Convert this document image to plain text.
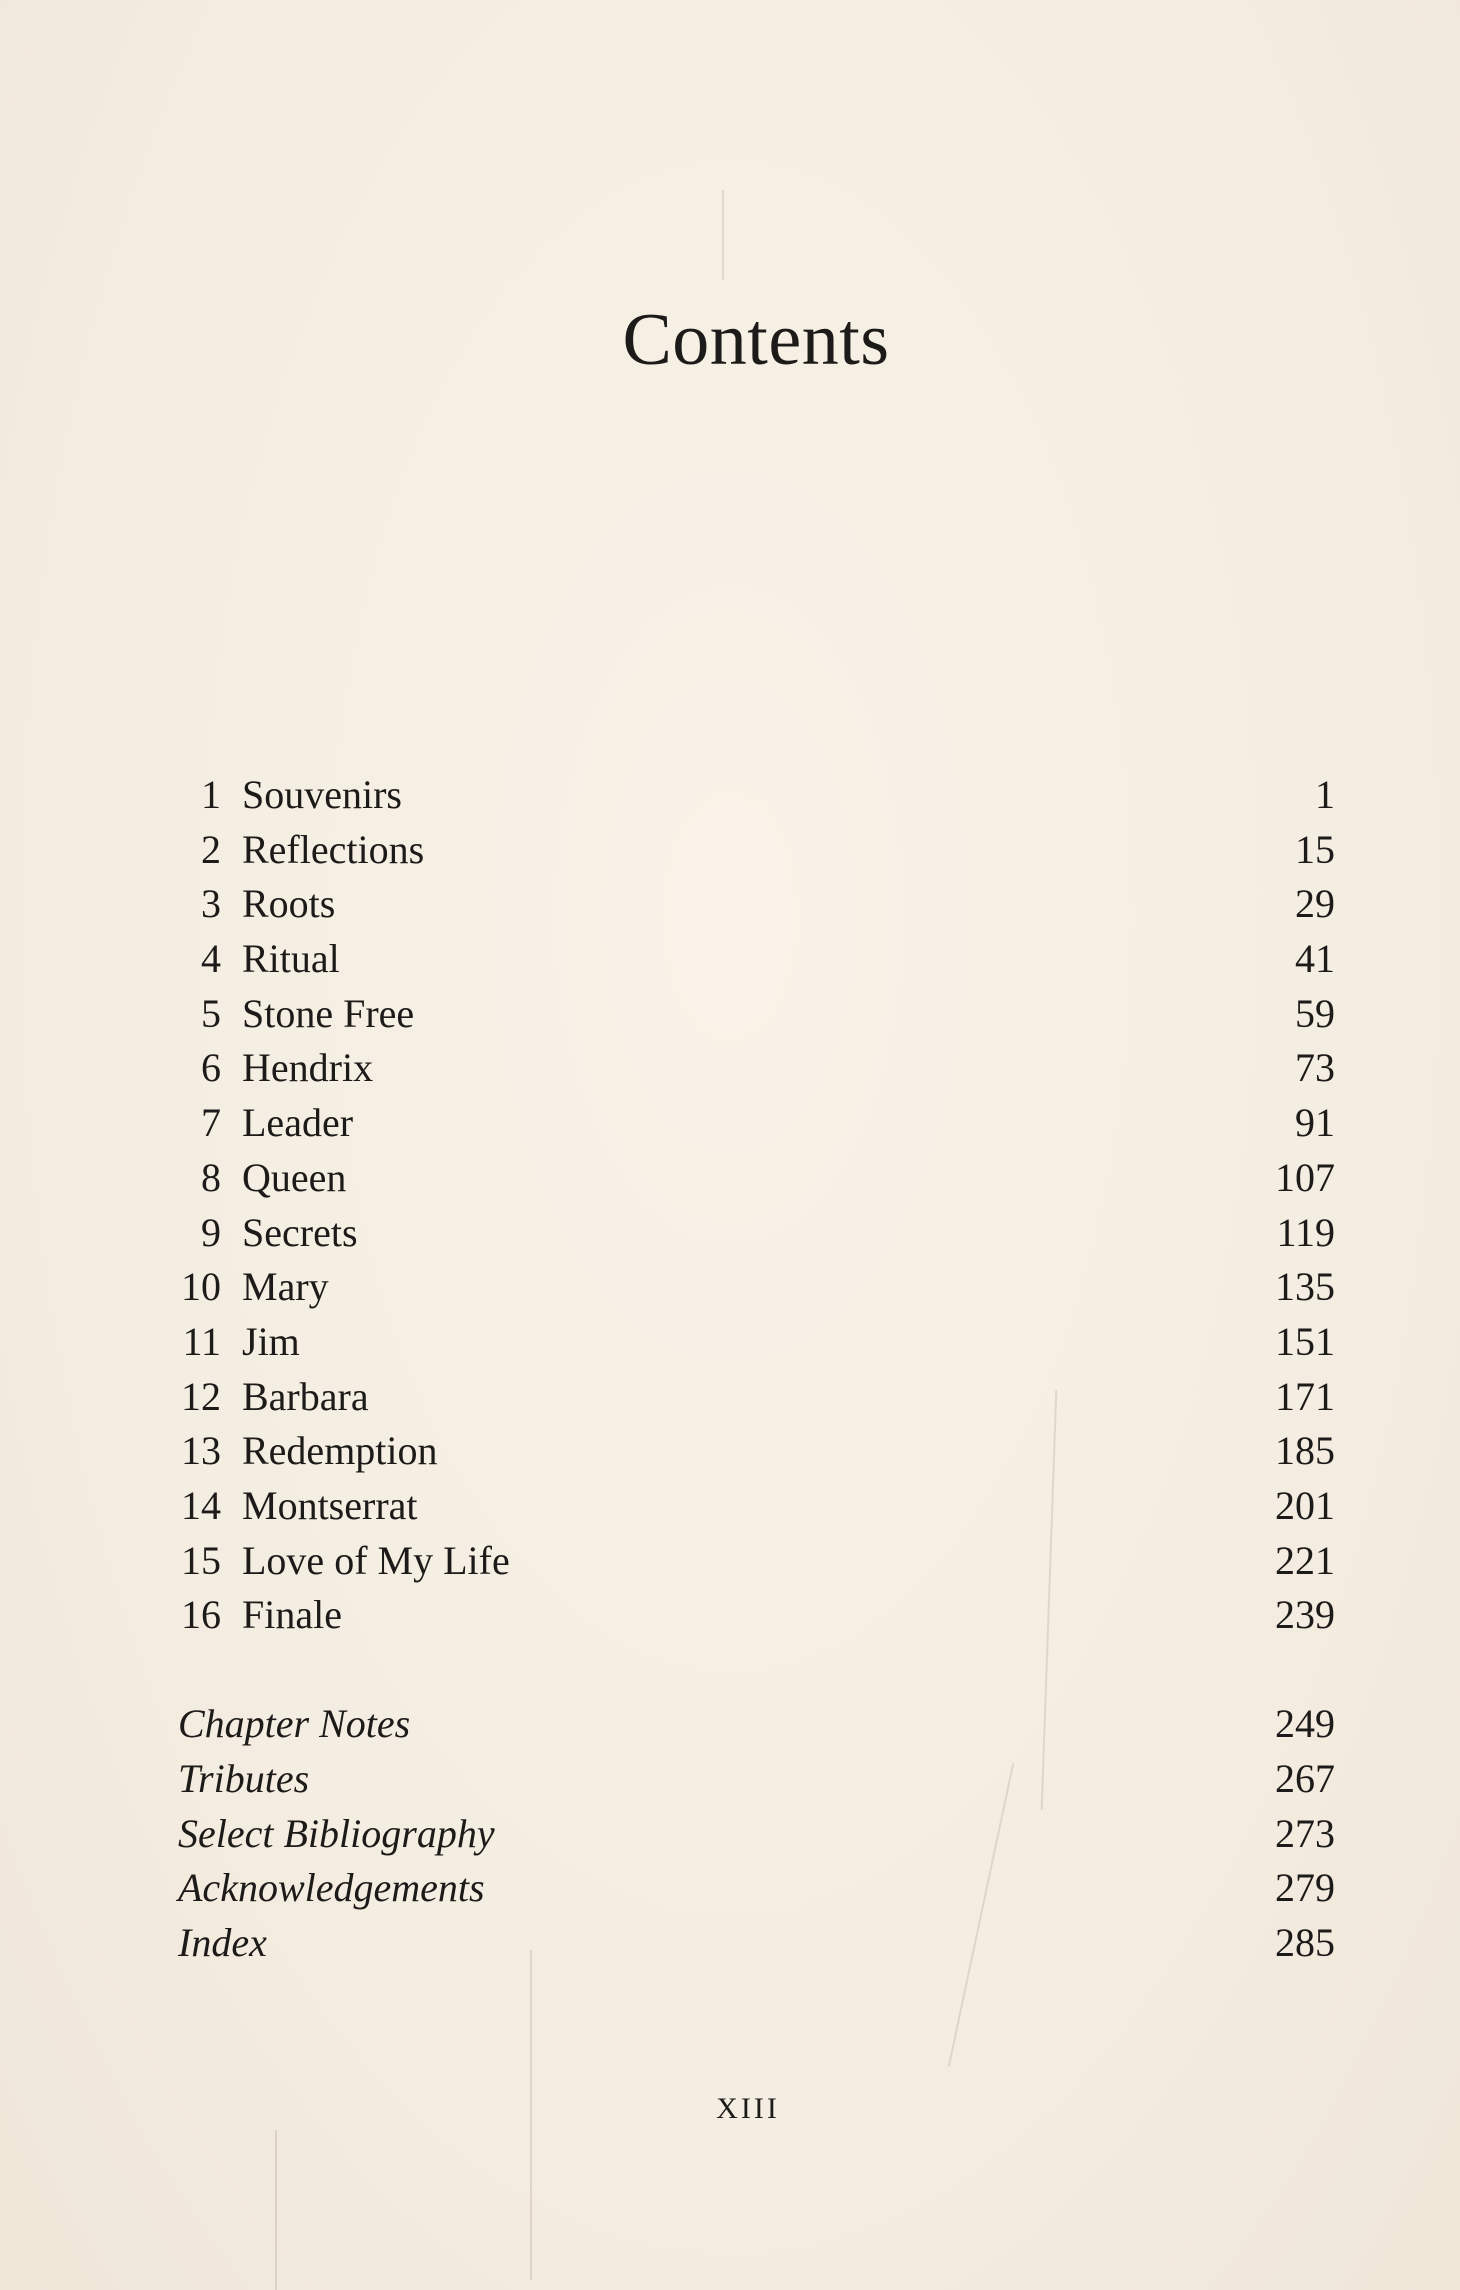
Contents
1 Souvenirs	1
2 Reflections	15
3 Roots	29
4 Ritual	41
5 Stone Free	59
6 Hendrix	73
7 Leader	91
8 Queen	107
9 Secrets	119
10 Mary	135
11 Jim	151
12 Barbara	171
13 Redemption	185
14 Montserrat	201
15 Love of My Life	221
16 Finale	239
Chapter Notes	249
Tributes	267
Select Bibliography	273
Acknowledgements	279
Index	285
XIII
